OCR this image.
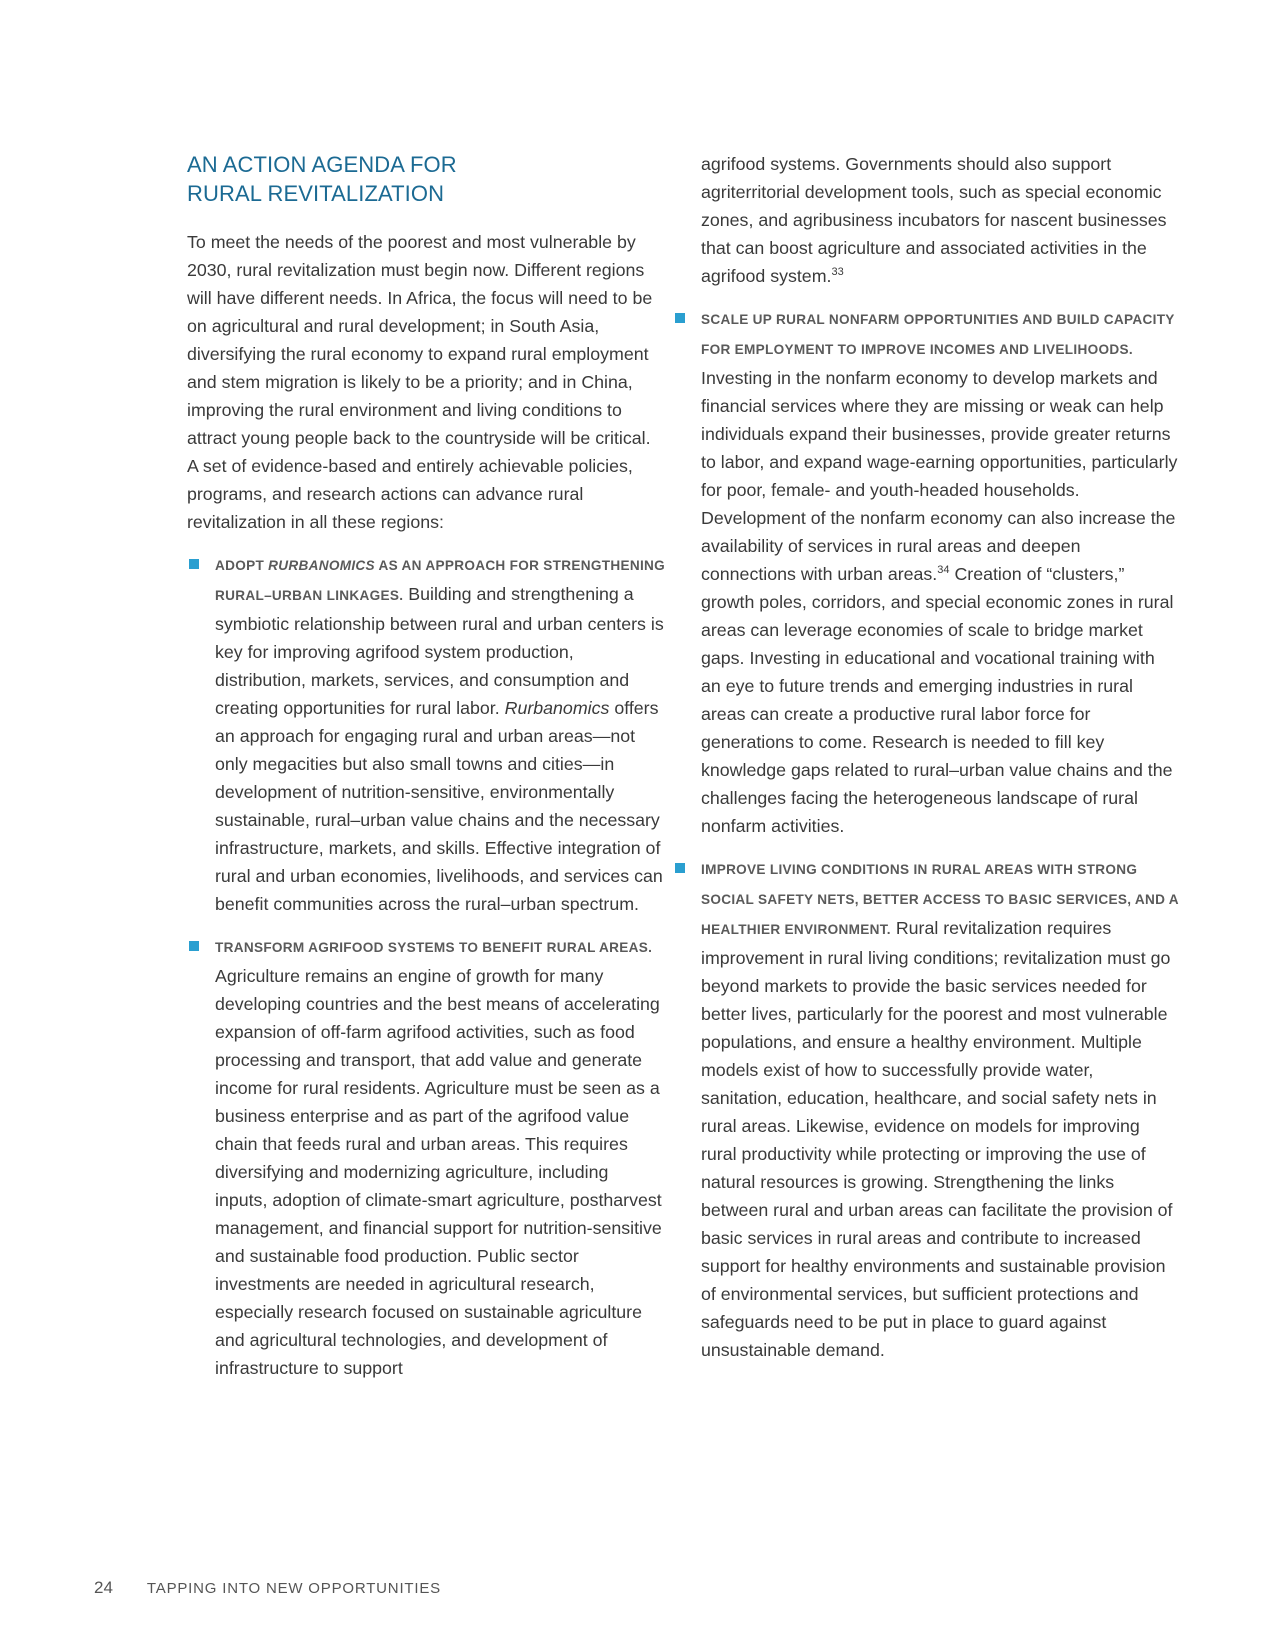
AN ACTION AGENDA FOR
RURAL REVITALIZATION

To meet the needs of the poorest and most vulnerable by 2030, rural revitalization must begin now. Different regions will have different needs. In Africa, the focus will need to be on agricultural and rural development; in South Asia, diversifying the rural economy to expand rural employment and stem migration is likely to be a priority; and in China, improving the rural environment and living conditions to attract young people back to the countryside will be critical. A set of evidence-based and entirely achievable policies, programs, and research actions can advance rural revitalization in all these regions:

ADOPT RURBANOMICS AS AN APPROACH FOR STRENGTHENING RURAL–URBAN LINKAGES. Building and strengthening a symbiotic relationship between rural and urban centers is key for improving agrifood system production, distribution, markets, services, and consumption and creating opportunities for rural labor. Rurbanomics offers an approach for engaging rural and urban areas—not only megacities but also small towns and cities—in development of nutrition-sensitive, environmentally sustainable, rural–urban value chains and the necessary infrastructure, markets, and skills. Effective integration of rural and urban economies, livelihoods, and services can benefit communities across the rural–urban spectrum.
TRANSFORM AGRIFOOD SYSTEMS TO BENEFIT RURAL AREAS. Agriculture remains an engine of growth for many developing countries and the best means of accelerating expansion of off-farm agrifood activities, such as food processing and transport, that add value and generate income for rural residents. Agriculture must be seen as a business enterprise and as part of the agrifood value chain that feeds rural and urban areas. This requires diversifying and modernizing agriculture, including inputs, adoption of climate-smart agriculture, postharvest management, and financial support for nutrition-sensitive and sustainable food production. Public sector investments are needed in agricultural research, especially research focused on sustainable agriculture and agricultural technologies, and development of infrastructure to support
agrifood systems. Governments should also support agriterritorial development tools, such as special economic zones, and agribusiness incubators for nascent businesses that can boost agriculture and associated activities in the agrifood system.$^{33}$
SCALE UP RURAL NONFARM OPPORTUNITIES AND BUILD CAPACITY FOR EMPLOYMENT TO IMPROVE INCOMES AND LIVELIHOODS. Investing in the nonfarm economy to develop markets and financial services where they are missing or weak can help individuals expand their businesses, provide greater returns to labor, and expand wage-earning opportunities, particularly for poor, female- and youth-headed households. Development of the nonfarm economy can also increase the availability of services in rural areas and deepen connections with urban areas.$^{34}$ Creation of “clusters,” growth poles, corridors, and special economic zones in rural areas can leverage economies of scale to bridge market gaps. Investing in educational and vocational training with an eye to future trends and emerging industries in rural areas can create a productive rural labor force for generations to come. Research is needed to fill key knowledge gaps related to rural–urban value chains and the challenges facing the heterogeneous landscape of rural nonfarm activities.
IMPROVE LIVING CONDITIONS IN RURAL AREAS WITH STRONG SOCIAL SAFETY NETS, BETTER ACCESS TO BASIC SERVICES, AND A HEALTHIER ENVIRONMENT. Rural revitalization requires improvement in rural living conditions; revitalization must go beyond markets to provide the basic services needed for better lives, particularly for the poorest and most vulnerable populations, and ensure a healthy environment. Multiple models exist of how to successfully provide water, sanitation, education, healthcare, and social safety nets in rural areas. Likewise, evidence on models for improving rural productivity while protecting or improving the use of natural resources is growing. Strengthening the links between rural and urban areas can facilitate the provision of basic services in rural areas and contribute to increased support for healthy environments and sustainable provision of environmental services, but sufficient protections and safeguards need to be put in place to guard against unsustainable demand.
24 TAPPING INTO NEW OPPORTUNITIES
